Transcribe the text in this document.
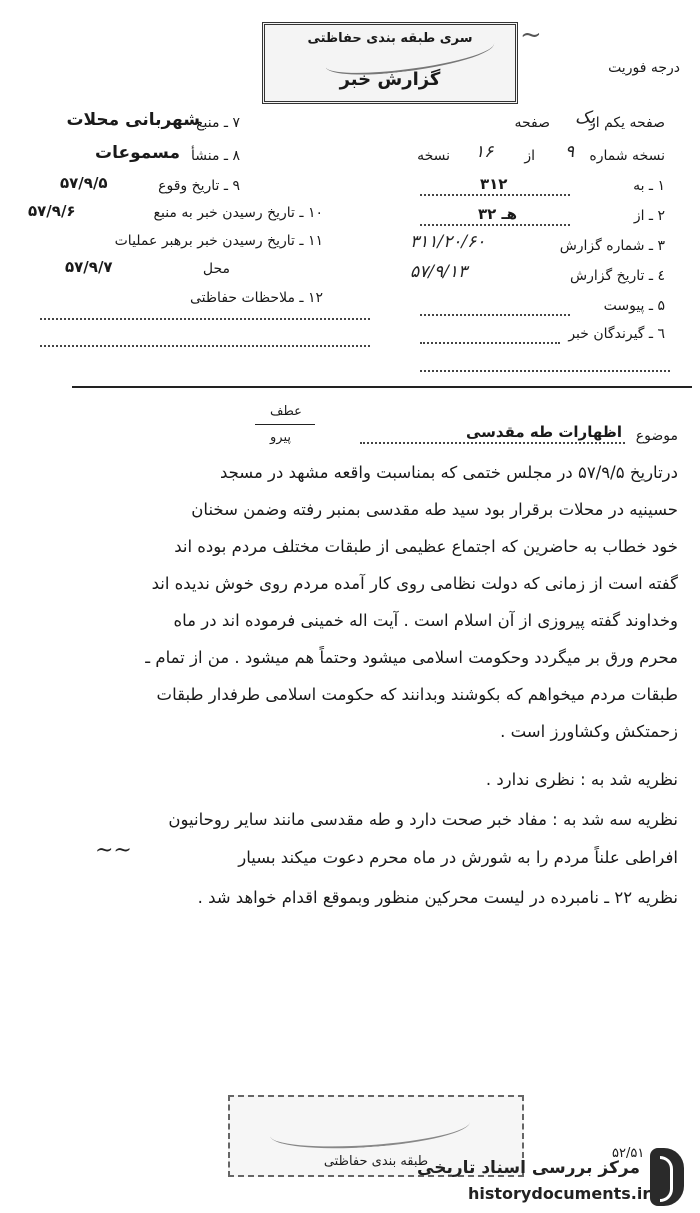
سری طبقه بندی حفاظتی
گزارش خبر
درجه فوریت
~
۷ ـ منبع
شهربانی محلات
۸ ـ منشأ
مسموعات
۹ ـ تاریخ وقوع
۵۷/۹/۵
۱۰ ـ تاریخ رسیدن خبر به منبع
۵۷/۹/۶
۱۱ ـ تاریخ رسیدن خبر برهبر عملیات
محل
۵۷/۹/۷
۱۲ ـ ملاحظات حفاظتی
صفحه یکم از
یک
صفحه
نسخه شماره
۹
از
۱۶
نسخه
۱ ـ به
۳۱۲
۲ ـ از
۳۲ هـ
۳ ـ شماره گزارش
۳۱۱/۲۰/۶۰
٤ ـ تاریخ گزارش
۵۷/۹/۱۳
۵ ـ پیوست
٦ ـ گیرندگان خبر
عطف
پیرو	موضوع
اظهارات طه مقدسی
درتاریخ ۵۷/۹/۵ در مجلس ختمی که بمناسبت واقعه مشهد در مسجد
حسینیه در محلات برقرار بود سید طه مقدسی بمنبر رفته وضمن سخنان
خود خطاب به حاضرین که اجتماع عظیمی از طبقات مختلف مردم بوده اند
گفته است از زمانی که دولت نظامی روی کار آمده مردم روی خوش ندیده اند
وخداوند گفته پیروزی از آن اسلام است . آیت اله خمینی فرموده اند در ماه
محرم ورق بر میگردد وحکومت اسلامی میشود وحتماً هم میشود . من از تمام ـ
طبقات مردم میخواهم که بکوشند وبدانند که حکومت اسلامی طرفدار طبقات
زحمتکش وکشاورز است .
نظریه شد به : نظری ندارد .
نظریه سه شد به : مفاد خبر صحت دارد و طه مقدسی مانند سایر روحانیون
افراطی علناً مردم را به شورش در ماه محرم دعوت میکند بسیار
~~
نظریه ۲۲ ـ نامبرده در لیست محرکین منظور وبموقع اقدام خواهد شد .
طبقه بندی حفاظتی
۵۲/۵۱
مرکز بررسی اسناد تاریخی
historydocuments.ir
